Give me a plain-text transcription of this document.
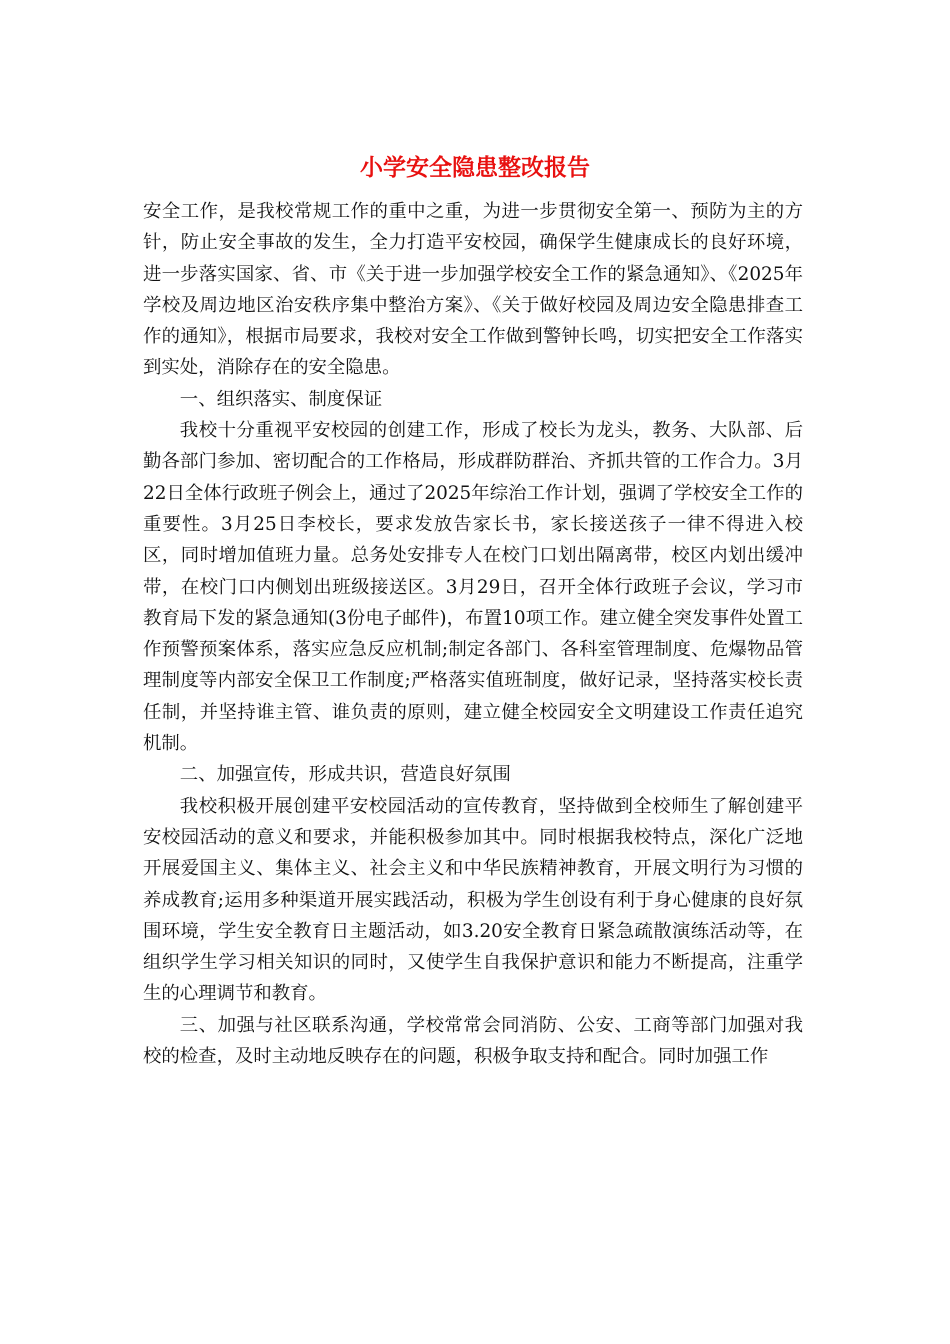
小学安全隐患整改报告

安全工作，是我校常规工作的重中之重，为进一步贯彻安全第一、预防为主的方针，防止安全事故的发生，全力打造平安校园，确保学生健康成长的良好环境，进一步落实国家、省、市《关于进一步加强学校安全工作的紧急通知》、《2025年学校及周边地区治安秩序集中整治方案》、《关于做好校园及周边安全隐患排查工作的通知》，根据市局要求，我校对安全工作做到警钟长鸣，切实把安全工作落实到实处，消除存在的安全隐患。

一、组织落实、制度保证

我校十分重视平安校园的创建工作，形成了校长为龙头，教务、大队部、后勤各部门参加、密切配合的工作格局，形成群防群治、齐抓共管的工作合力。3月22日全体行政班子例会上，通过了2025年综治工作计划，强调了学校安全工作的重要性。3月25日李校长，要求发放告家长书，家长接送孩子一律不得进入校区，同时增加值班力量。总务处安排专人在校门口划出隔离带，校区内划出缓冲带，在校门口内侧划出班级接送区。3月29日，召开全体行政班子会议，学习市教育局下发的紧急通知(3份电子邮件)，布置10项工作。建立健全突发事件处置工作预警预案体系，落实应急反应机制;制定各部门、各科室管理制度、危爆物品管理制度等内部安全保卫工作制度;严格落实值班制度，做好记录，坚持落实校长责任制，并坚持谁主管、谁负责的原则，建立健全校园安全文明建设工作责任追究机制。

二、加强宣传，形成共识，营造良好氛围

我校积极开展创建平安校园活动的宣传教育，坚持做到全校师生了解创建平安校园活动的意义和要求，并能积极参加其中。同时根据我校特点，深化广泛地开展爱国主义、集体主义、社会主义和中华民族精神教育，开展文明行为习惯的养成教育;运用多种渠道开展实践活动，积极为学生创设有利于身心健康的良好氛围环境，学生安全教育日主题活动，如3.20安全教育日紧急疏散演练活动等，在组织学生学习相关知识的同时，又使学生自我保护意识和能力不断提高，注重学生的心理调节和教育。

三、加强与社区联系沟通，学校常常会同消防、公安、工商等部门加强对我校的检查，及时主动地反映存在的问题，积极争取支持和配合。同时加强工作
